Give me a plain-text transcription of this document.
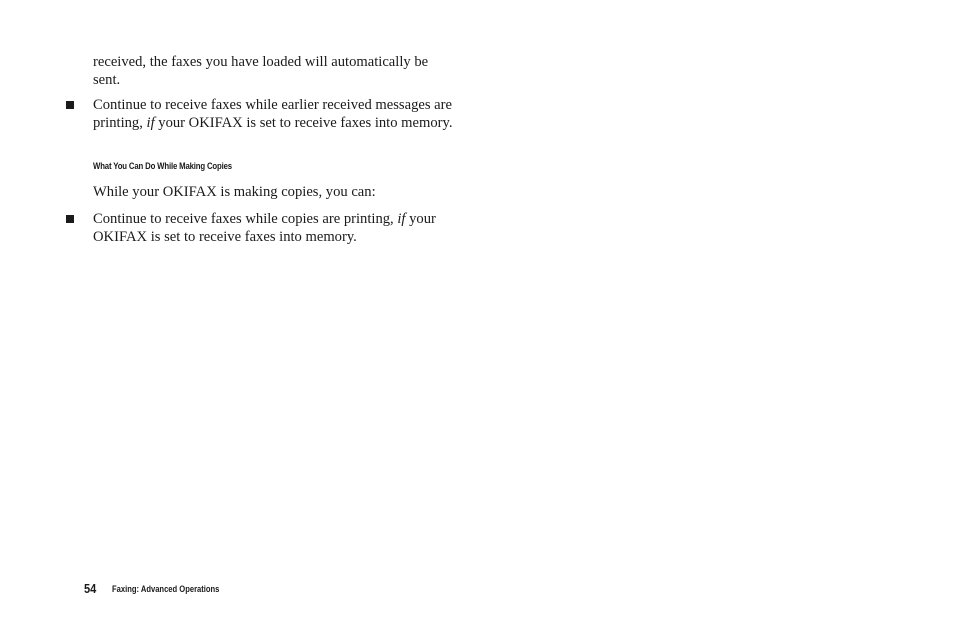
received, the faxes you have loaded will automatically be sent.

Continue to receive faxes while earlier received messages are printing, if your OKIFAX is set to receive faxes into memory.

What You Can Do While Making Copies

While your OKIFAX is making copies, you can:

Continue to receive faxes while copies are printing, if your OKIFAX is set to receive faxes into memory.

54 Faxing: Advanced Operations
